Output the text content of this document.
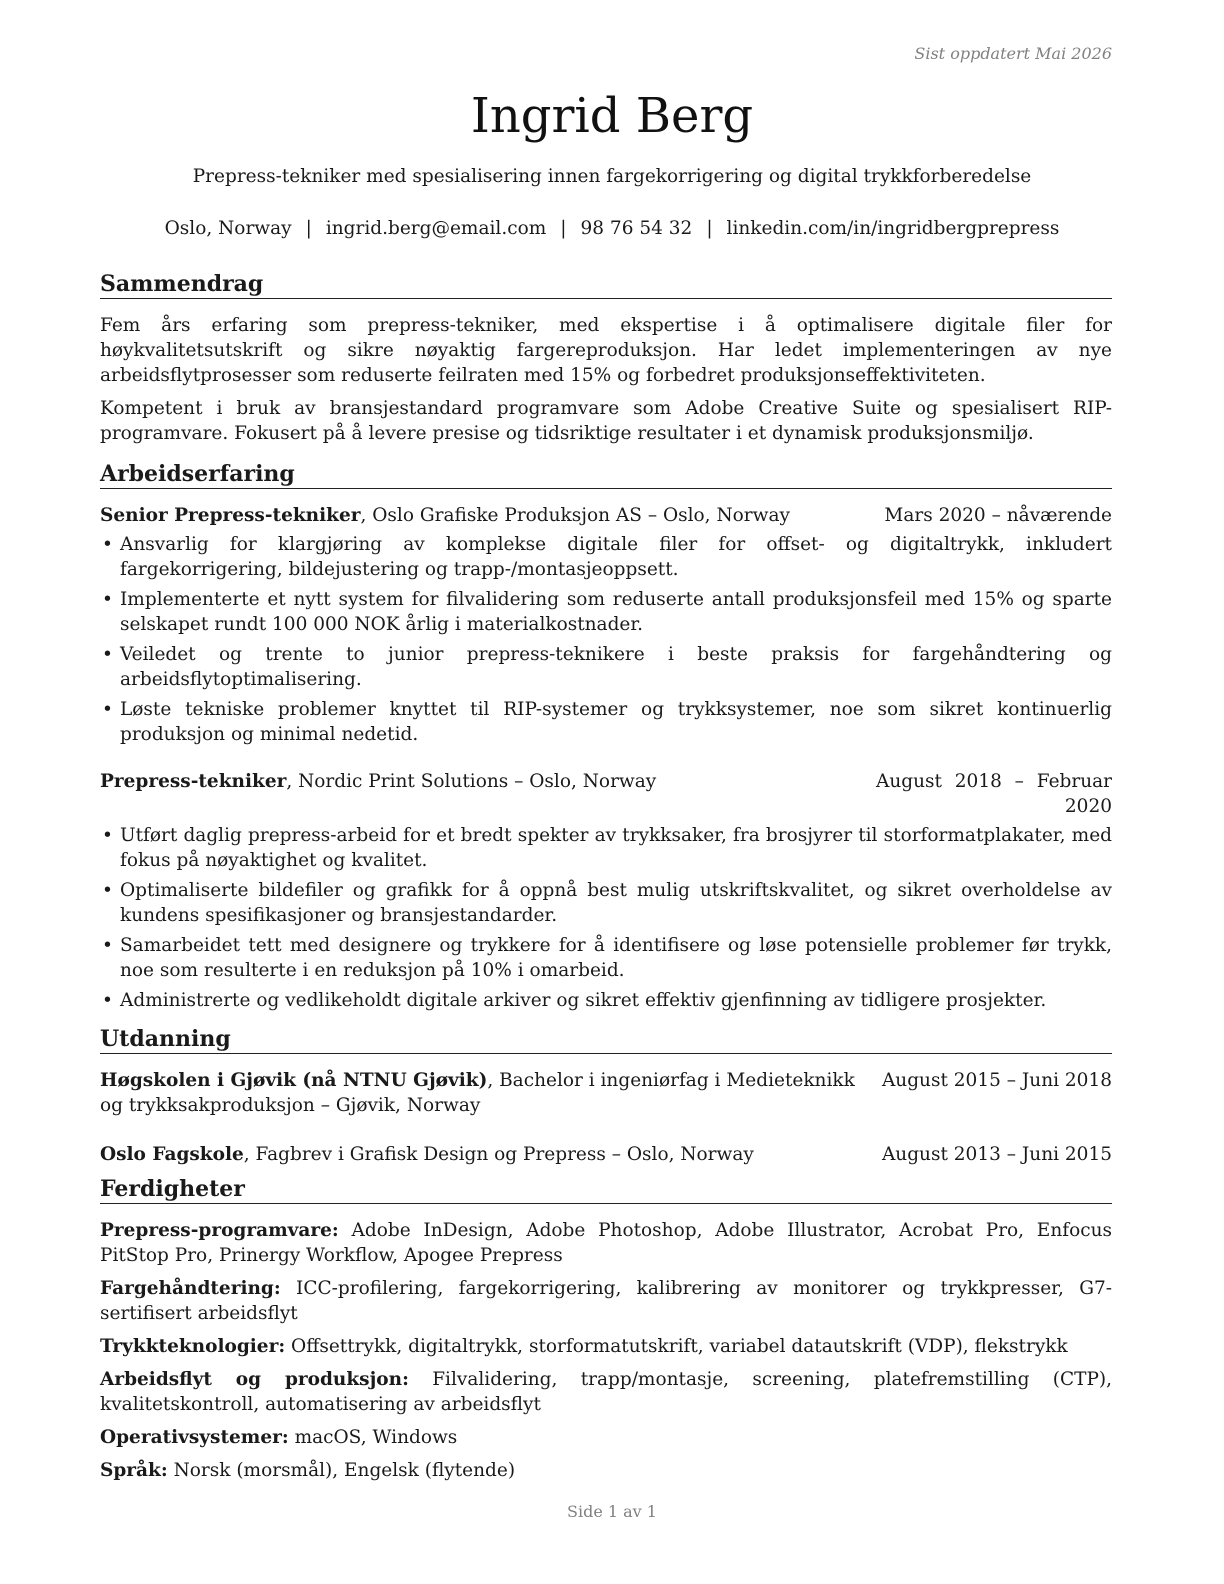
Sist oppdatert Mai 2026
Ingrid Berg
Prepress-tekniker med spesialisering innen fargekorrigering og digital trykkforberedelse
Oslo, Norway | ingrid.berg@email.com | 98 76 54 32 | linkedin.com/in/ingridbergprepress
Sammendrag

Fem års erfaring som prepress-tekniker, med ekspertise i å optimalisere digitale filer for høykvalitetsutskrift og sikre nøyaktig fargereproduksjon. Har ledet implementeringen av nye arbeidsflytprosesser som reduserte feilraten med 15% og forbedret produksjonseffektiviteten.

Kompetent i bruk av bransjestandard programvare som Adobe Creative Suite og spesialisert RIP-programvare. Fokusert på å levere presise og tidsriktige resultater i et dynamisk produksjonsmiljø.

Arbeidserfaring
Senior Prepress-tekniker, Oslo Grafiske Produksjon AS – Oslo, Norway	Mars 2020 – nåværende
• Ansvarlig for klargjøring av komplekse digitale filer for offset- og digitaltrykk, inkludert fargekorrigering, bildejustering og trapp-/montasjeoppsett.
• Implementerte et nytt system for filvalidering som reduserte antall produksjonsfeil med 15% og sparte selskapet rundt 100 000 NOK årlig i materialkostnader.
• Veiledet og trente to junior prepress-teknikere i beste praksis for fargehåndtering og arbeidsflytoptimalisering.
• Løste tekniske problemer knyttet til RIP-systemer og trykksystemer, noe som sikret kontinuerlig produksjon og minimal nedetid.
Prepress-tekniker, Nordic Print Solutions – Oslo, Norway	August 2018 – Februar 2020
• Utført daglig prepress-arbeid for et bredt spekter av trykksaker, fra brosjyrer til storformatplakater, med fokus på nøyaktighet og kvalitet.
• Optimaliserte bildefiler og grafikk for å oppnå best mulig utskriftskvalitet, og sikret overholdelse av kundens spesifikasjoner og bransjestandarder.
• Samarbeidet tett med designere og trykkere for å identifisere og løse potensielle problemer før trykk, noe som resulterte i en reduksjon på 10% i omarbeid.
• Administrerte og vedlikeholdt digitale arkiver og sikret effektiv gjenfinning av tidligere prosjekter.
Utdanning
Høgskolen i Gjøvik (nå NTNU Gjøvik), Bachelor i ingeniørfag i Medieteknikk og trykksakproduksjon – Gjøvik, Norway
August 2015 – Juni 2018
Oslo Fagskole, Fagbrev i Grafisk Design og Prepress – Oslo, Norway	August 2013 – Juni 2015
Ferdigheter

Prepress-programvare: Adobe InDesign, Adobe Photoshop, Adobe Illustrator, Acrobat Pro, Enfocus PitStop Pro, Prinergy Workflow, Apogee Prepress

Fargehåndtering: ICC-profilering, fargekorrigering, kalibrering av monitorer og trykkpresser, G7-sertifisert arbeidsflyt

Trykkteknologier: Offsettrykk, digitaltrykk, storformatutskrift, variabel datautskrift (VDP), flekstrykk

Arbeidsflyt og produksjon: Filvalidering, trapp/montasje, screening, platefremstilling (CTP), kvalitetskontroll, automatisering av arbeidsflyt

Operativsystemer: macOS, Windows

Språk: Norsk (morsmål), Engelsk (flytende)

Side 1 av 1
